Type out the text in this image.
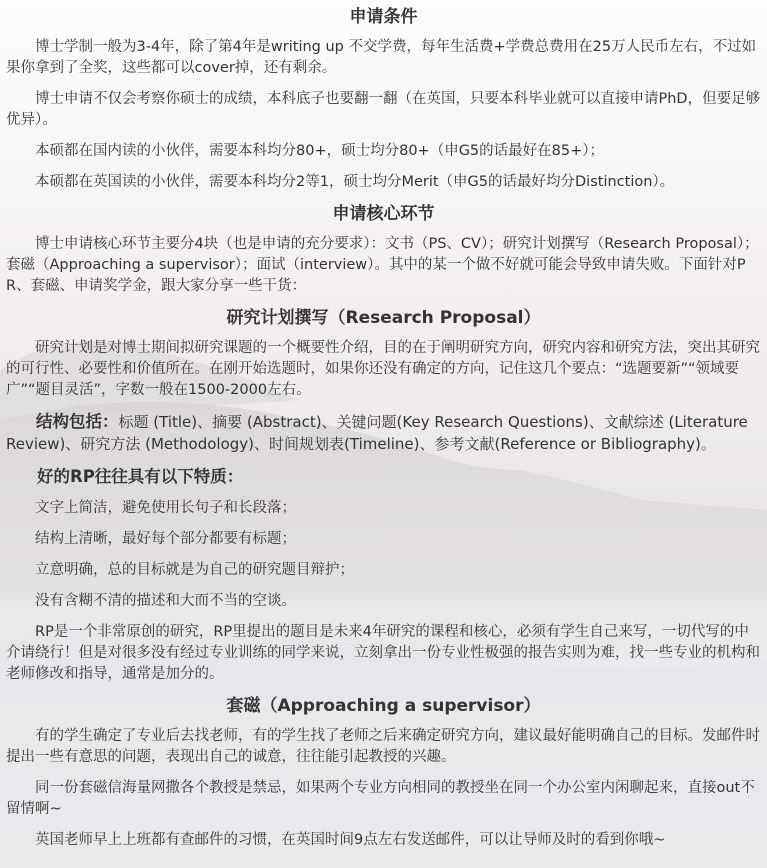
申请条件

博士学制一般为3-4年，除了第4年是writing up 不交学费，每年生活费+学费总费用在25万人民币左右，不过如果你拿到了全奖，这些都可以cover掉，还有剩余。

博士申请不仅会考察你硕士的成绩，本科底子也要翻一翻（在英国，只要本科毕业就可以直接申请PhD，但要足够优异）。

本硕都在国内读的小伙伴，需要本科均分80+，硕士均分80+（申G5的话最好在85+）；

本硕都在英国读的小伙伴，需要本科均分2等1，硕士均分Merit（申G5的话最好均分Distinction）。

申请核心环节

博士申请核心环节主要分4块（也是申请的充分要求）：文书（PS、CV）；研究计划撰写（Research Proposal）；套磁（Approaching a supervisor）；面试（interview）。其中的某一个做不好就可能会导致申请失败。下面针对PR、套磁、申请奖学金，跟大家分享一些干货：

研究计划撰写（Research Proposal）

研究计划是对博士期间拟研究课题的一个概要性介绍，目的在于阐明研究方向，研究内容和研究方法，突出其研究的可行性、必要性和价值所在。在刚开始选题时，如果你还没有确定的方向，记住这几个要点：“选题要新”“领域要广”“题目灵活”，字数一般在1500-2000左右。

结构包括：标题 (Title)、摘要 (Abstract)、关键问题(Key Research Questions)、文献综述 (Literature Review)、研究方法 (Methodology)、时间规划表(Timeline)、参考文献(Reference or Bibliography)。

好的RP往往具有以下特质：

文字上简洁，避免使用长句子和长段落；

结构上清晰，最好每个部分都要有标题；

立意明确，总的目标就是为自己的研究题目辩护；

没有含糊不清的描述和大而不当的空谈。

RP是一个非常原创的研究，RP里提出的题目是未来4年研究的课程和核心，必须有学生自己来写，一切代写的中介请绕行！但是对很多没有经过专业训练的同学来说，立刻拿出一份专业性极强的报告实则为难，找一些专业的机构和老师修改和指导，通常是加分的。

套磁（Approaching a supervisor）

有的学生确定了专业后去找老师，有的学生找了老师之后来确定研究方向，建议最好能明确自己的目标。发邮件时提出一些有意思的问题，表现出自己的诚意，往往能引起教授的兴趣。

同一份套磁信海量网撒各个教授是禁忌，如果两个专业方向相同的教授坐在同一个办公室内闲聊起来，直接out不留情啊~

英国老师早上上班都有查邮件的习惯，在英国时间9点左右发送邮件，可以让导师及时的看到你哦~
